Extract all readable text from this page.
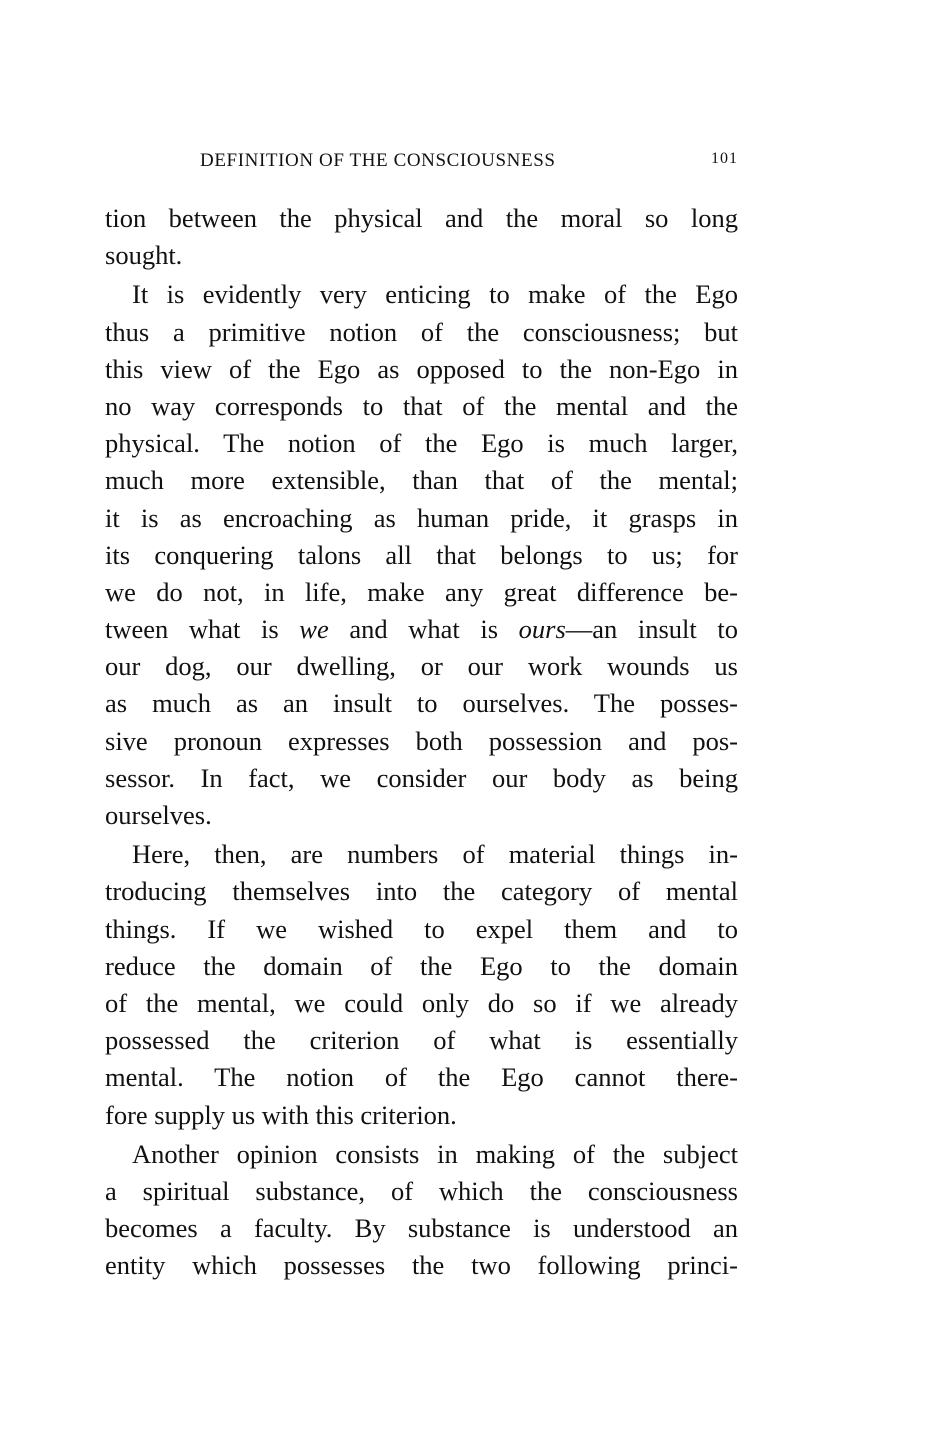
DEFINITION OF THE CONSCIOUSNESS	101
tion between the physical and the moral so long
sought.
It is evidently very enticing to make of the Ego
thus a primitive notion of the consciousness; but
this view of the Ego as opposed to the non-Ego in
no way corresponds to that of the mental and the
physical. The notion of the Ego is much larger,
much more extensible, than that of the mental;
it is as encroaching as human pride, it grasps in
its conquering talons all that belongs to us; for
we do not, in life, make any great difference be-
tween what is we and what is ours—an insult to
our dog, our dwelling, or our work wounds us
as much as an insult to ourselves. The posses-
sive pronoun expresses both possession and pos-
sessor. In fact, we consider our body as being
ourselves.
Here, then, are numbers of material things in-
troducing themselves into the category of mental
things. If we wished to expel them and to
reduce the domain of the Ego to the domain
of the mental, we could only do so if we already
possessed the criterion of what is essentially
mental. The notion of the Ego cannot there-
fore supply us with this criterion.
Another opinion consists in making of the subject
a spiritual substance, of which the consciousness
becomes a faculty. By substance is understood an
entity which possesses the two following princi-
